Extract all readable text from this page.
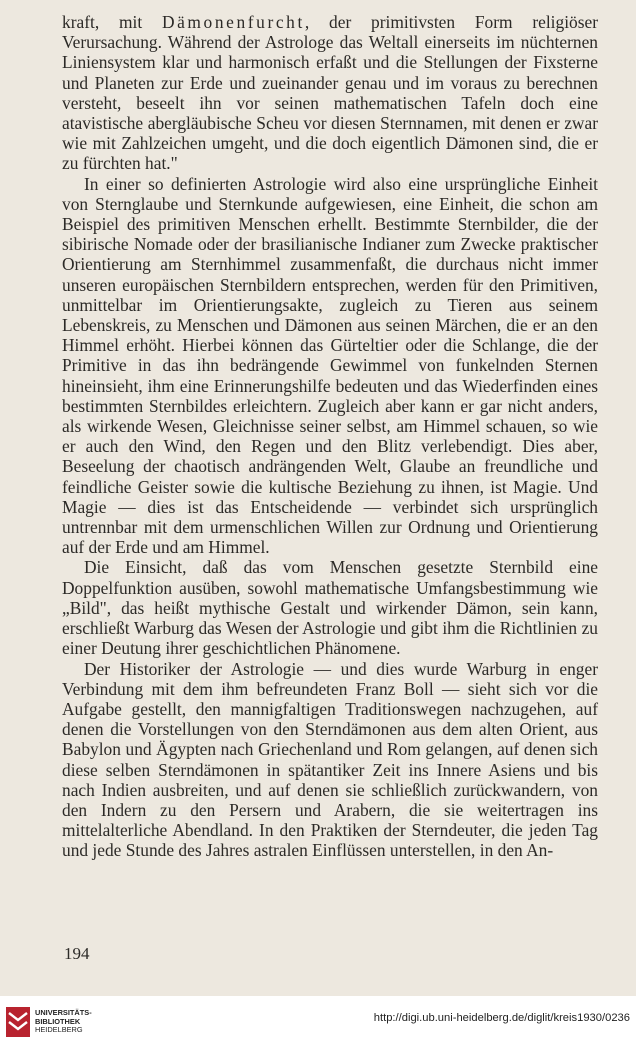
kraft, mit Dämonenfurcht, der primitivsten Form religiöser Verursachung. Während der Astrologe das Weltall einerseits im nüchternen Liniensystem klar und harmonisch erfaßt und die Stellungen der Fixsterne und Planeten zur Erde und zueinander genau und im voraus zu berechnen versteht, beseelt ihn vor seinen mathematischen Tafeln doch eine atavistische abergläubische Scheu vor diesen Sternnamen, mit denen er zwar wie mit Zahlzeichen umgeht, und die doch eigentlich Dämonen sind, die er zu fürchten hat."

In einer so definierten Astrologie wird also eine ursprüngliche Einheit von Sternglaube und Sternkunde aufgewiesen, eine Einheit, die schon am Beispiel des primitiven Menschen erhellt. Bestimmte Sternbilder, die der sibirische Nomade oder der brasilianische Indianer zum Zwecke praktischer Orientierung am Sternhimmel zusammenfaßt, die durchaus nicht immer unseren europäischen Sternbildern entsprechen, werden für den Primitiven, unmittelbar im Orientierungsakte, zugleich zu Tieren aus seinem Lebenskreis, zu Menschen und Dämonen aus seinen Märchen, die er an den Himmel erhöht. Hierbei können das Gürteltier oder die Schlange, die der Primitive in das ihn bedrängende Gewimmel von funkelnden Sternen hineinsieht, ihm eine Erinnerungshilfe bedeuten und das Wiederfinden eines bestimmten Sternbildes erleichtern. Zugleich aber kann er gar nicht anders, als wirkende Wesen, Gleichnisse seiner selbst, am Himmel schauen, so wie er auch den Wind, den Regen und den Blitz verlebendigt. Dies aber, Beseelung der chaotisch andrängenden Welt, Glaube an freundliche und feindliche Geister sowie die kultische Beziehung zu ihnen, ist Magie. Und Magie — dies ist das Entscheidende — verbindet sich ursprünglich untrennbar mit dem urmenschlichen Willen zur Ordnung und Orientierung auf der Erde und am Himmel.

Die Einsicht, daß das vom Menschen gesetzte Sternbild eine Doppelfunktion ausüben, sowohl mathematische Umfangsbestimmung wie „Bild", das heißt mythische Gestalt und wirkender Dämon, sein kann, erschließt Warburg das Wesen der Astrologie und gibt ihm die Richtlinien zu einer Deutung ihrer geschichtlichen Phänomene.

Der Historiker der Astrologie — und dies wurde Warburg in enger Verbindung mit dem ihm befreundeten Franz Boll — sieht sich vor die Aufgabe gestellt, den mannigfaltigen Traditionswegen nachzugehen, auf denen die Vorstellungen von den Sterndämonen aus dem alten Orient, aus Babylon und Ägypten nach Griechenland und Rom gelangen, auf denen sich diese selben Sterndämonen in spätantiker Zeit ins Innere Asiens und bis nach Indien ausbreiten, und auf denen sie schließlich zurückwandern, von den Indern zu den Persern und Arabern, die sie weitertragen ins mittelalterliche Abendland. In den Praktiken der Sterndeuter, die jeden Tag und jede Stunde des Jahres astralen Einflüssen unterstellen, in den An-

194
UNIVERSITÄTS-
BIBLIOTHEK
HEIDELBERG
http://digi.ub.uni-heidelberg.de/diglit/kreis1930/0236
